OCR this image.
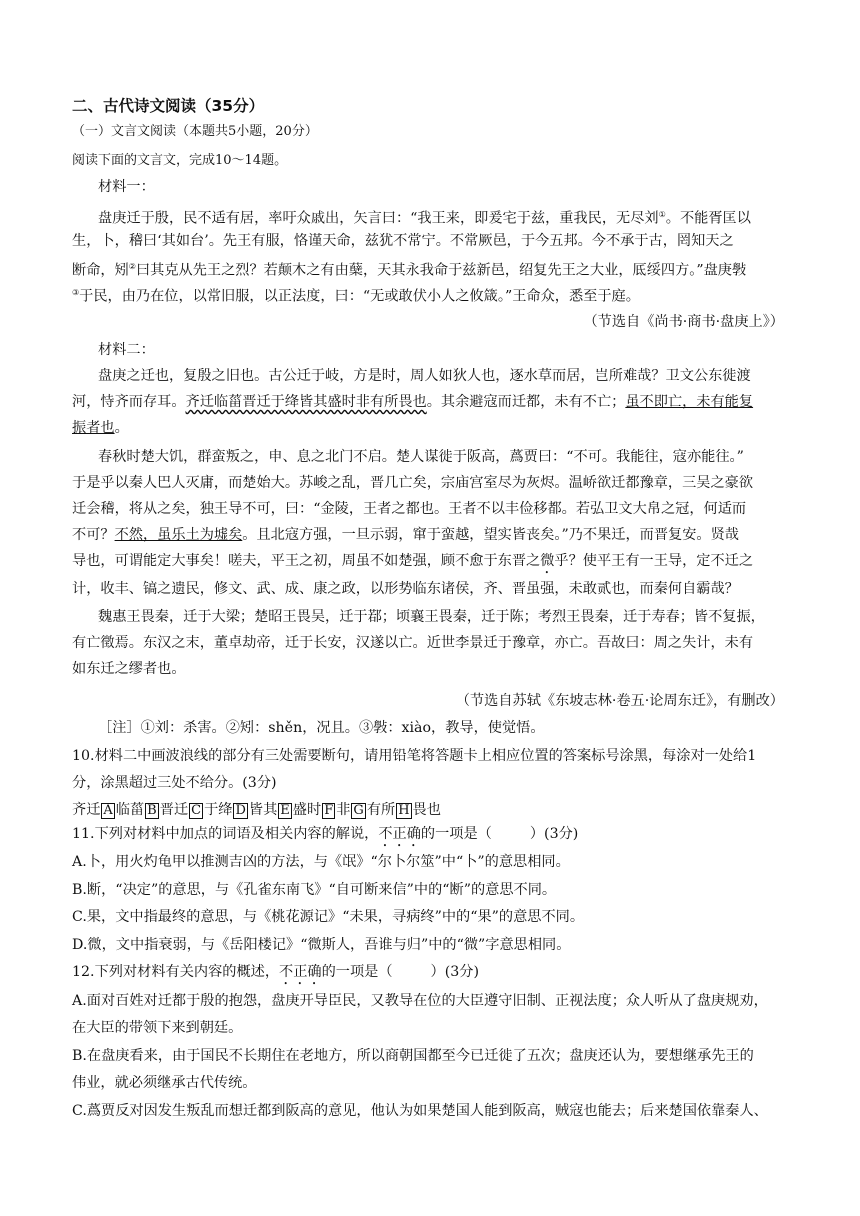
二、古代诗文阅读（35分）
（一）文言文阅读（本题共5小题，20分）
阅读下面的文言文，完成10～14题。
材料一：
盘庚迁于殷，民不适有居，率吁众戚出，矢言曰：“我王来，即爰宅于兹，重我民，无尽刘①。不能胥匡以
生，卜，稽曰‘其如台’。先王有服，恪谨天命，兹犹不常宁。不常厥邑，于今五邦。今不承于古，罔知天之
断命，矧②曰其克从先王之烈？若颠木之有由蘖，天其永我命于兹新邑，绍复先王之大业，厎绥四方。”盘庚斅
③于民，由乃在位，以常旧服，以正法度，曰：“无或敢伏小人之攸箴。”王命众，悉至于庭。
（节选自《尚书·商书·盘庚上》）
材料二：
盘庚之迁也，复殷之旧也。古公迁于岐，方是时，周人如狄人也，逐水草而居，岂所难哉？卫文公东徙渡
河，恃齐而存耳。齐迁临菑晋迁于绛皆其盛时非有所畏也。其余避寇而迁都，未有不亡；虽不即亡，未有能复
振者也。
春秋时楚大饥，群蛮叛之，申、息之北门不启。楚人谋徙于阪高，蔿贾曰：“不可。我能往，寇亦能往。”
于是乎以秦人巴人灭庸，而楚始大。苏峻之乱，晋几亡矣，宗庙宫室尽为灰烬。温峤欲迁都豫章，三吴之豪欲
迁会稽，将从之矣，独王导不可，曰：“金陵，王者之都也。王者不以丰俭移都。若弘卫文大帛之冠，何适而
不可？不然，虽乐土为墟矣。且北寇方强，一旦示弱，窜于蛮越，望实皆丧矣。”乃不果迁，而晋复安。贤哉
导也，可谓能定大事矣！嗟夫，平王之初，周虽不如楚强，顾不愈于东晋之微乎？使平王有一王导，定不迁之
计，收丰、镐之遗民，修文、武、成、康之政，以形势临东诸侯，齐、晋虽强，未敢贰也，而秦何自霸哉？
魏惠王畏秦，迁于大梁；楚昭王畏吴，迁于鄀；顷襄王畏秦，迁于陈；考烈王畏秦，迁于寿春；皆不复振，
有亡徵焉。东汉之末，董卓劫帝，迁于长安，汉遂以亡。近世李景迁于豫章，亦亡。吾故曰：周之失计，未有
如东迁之缪者也。
（节选自苏轼《东坡志林·卷五·论周东迁》，有删改）
［注］①刘：杀害。②矧：shěn，况且。③斅：xiào，教导，使觉悟。
10.材料二中画波浪线的部分有三处需要断句，请用铅笔将答题卡上相应位置的答案标号涂黑，每涂对一处给1
分，涂黑超过三处不给分。(3分)
齐迁 A 临菑 B 晋迁 C 于绛 D 皆其 E 盛时 F 非 G 有所 H 畏也
11.下列对材料中加点的词语及相关内容的解说，不正确的一项是（	）(3分)
A.卜，用火灼龟甲以推测吉凶的方法，与《氓》“尔卜尔筮”中“卜”的意思相同。
B.断，“决定”的意思，与《孔雀东南飞》“自可断来信”中的“断”的意思不同。
C.果，文中指最终的意思，与《桃花源记》“未果，寻病终”中的“果”的意思不同。
D.微，文中指衰弱，与《岳阳楼记》“微斯人，吾谁与归”中的“微”字意思相同。
12.下列对材料有关内容的概述，不正确的一项是（	）(3分)
A.面对百姓对迁都于殷的抱怨，盘庚开导臣民，又教导在位的大臣遵守旧制、正视法度；众人听从了盘庚规劝，
在大臣的带领下来到朝廷。
B.在盘庚看来，由于国民不长期住在老地方，所以商朝国都至今已迁徙了五次；盘庚还认为，要想继承先王的
伟业，就必须继承古代传统。
C.蔿贾反对因发生叛乱而想迁都到阪高的意见，他认为如果楚国人能到阪高，贼寇也能去；后来楚国依靠秦人、
